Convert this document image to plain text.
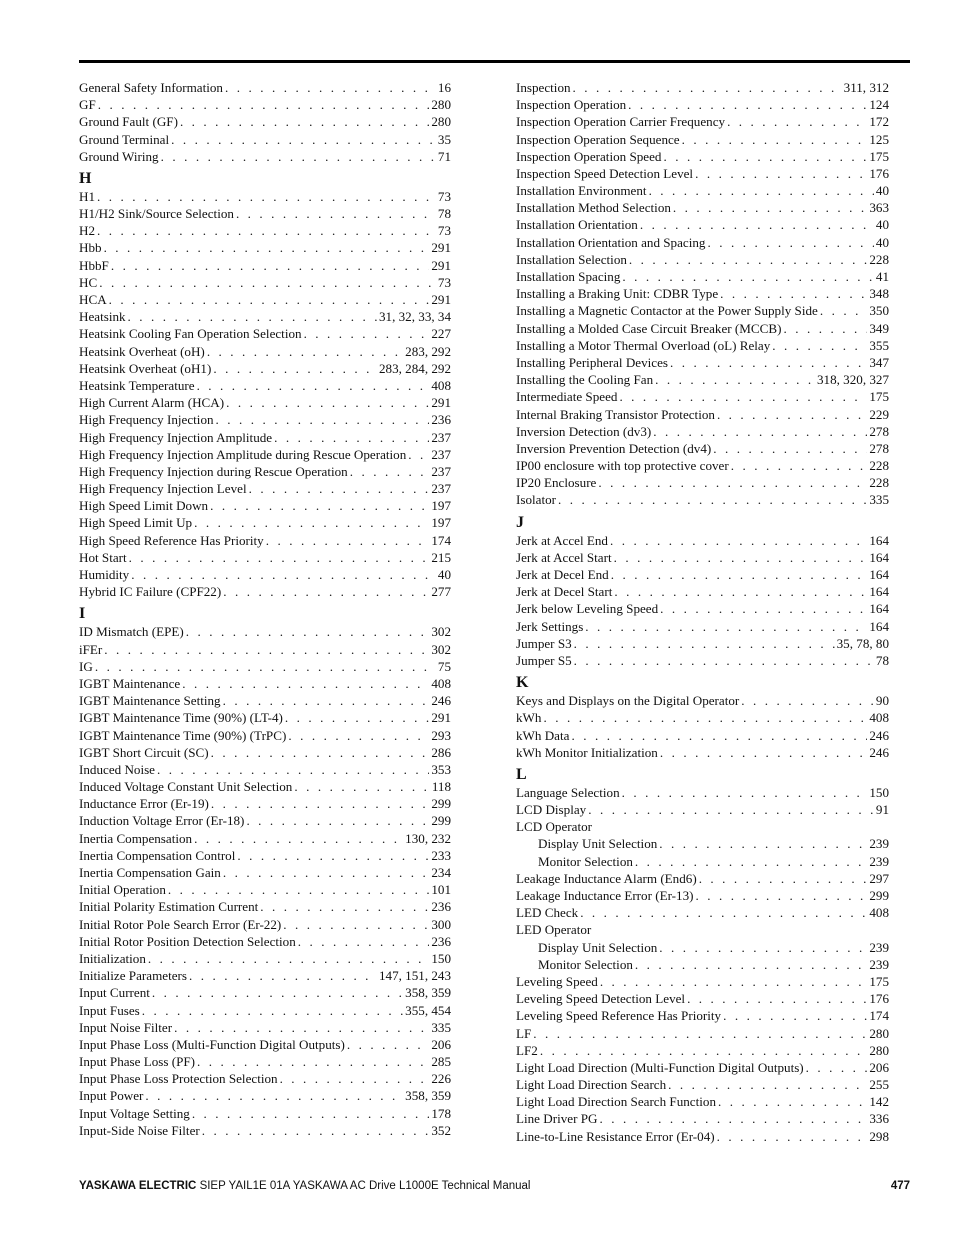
General Safety Information . . .	16
GF . . .	280
Ground Fault (GF) . . .	280
Ground Terminal . . .	35
Ground Wiring . . .	71
H
H1 . . .	73
H1/H2 Sink/Source Selection . . .	78
H2 . . .	73
Hbb . . .	291
HbbF . . .	291
HC . . .	73
HCA . . .	291
Heatsink . . .	31, 32, 33, 34
Heatsink Cooling Fan Operation Selection . . .	227
Heatsink Overheat (oH) . . .	283, 292
Heatsink Overheat (oH1) . . .	283, 284, 292
Heatsink Temperature . . .	408
High Current Alarm (HCA) . . .	291
High Frequency Injection . . .	236
High Frequency Injection Amplitude . . .	237
High Frequency Injection Amplitude during Rescue Operation . . . 237
High Frequency Injection during Rescue Operation . . .	237
High Frequency Injection Level . . .	237
High Speed Limit Down . . .	197
High Speed Limit Up . . .	197
High Speed Reference Has Priority . . .	174
Hot Start . . .	215
Humidity . . .	40
Hybrid IC Failure (CPF22) . . .	277
I
ID Mismatch (EPE) . . .	302
iFEr . . .	302
IG . . .	75
IGBT Maintenance . . .	408
IGBT Maintenance Setting . . .	246
IGBT Maintenance Time (90%) (LT-4) . . .	291
IGBT Maintenance Time (90%) (TrPC) . . .	293
IGBT Short Circuit (SC) . . .	286
Induced Noise . . .	353
Induced Voltage Constant Unit Selection . . .	118
Inductance Error (Er-19) . . .	299
Induction Voltage Error (Er-18) . . .	299
Inertia Compensation . . .	130, 232
Inertia Compensation Control . . .	233
Inertia Compensation Gain . . .	234
Initial Operation . . .	101
Initial Polarity Estimation Current . . .	236
Initial Rotor Pole Search Error (Er-22) . . .	300
Initial Rotor Position Detection Selection . . .	236
Initialization . . .	150
Initialize Parameters . . .	147, 151, 243
Input Current . . .	358, 359
Input Fuses . . .	355, 454
Input Noise Filter . . .	335
Input Phase Loss (Multi-Function Digital Outputs) . . .	206
Input Phase Loss (PF) . . .	285
Input Phase Loss Protection Selection . . .	226
Input Power . . .	358, 359
Input Voltage Setting . . .	178
Input-Side Noise Filter . . .	352
Inspection . . .	311, 312
Inspection Operation . . .	124
Inspection Operation Carrier Frequency . . .	172
Inspection Operation Sequence . . .	125
Inspection Operation Speed . . .	175
Inspection Speed Detection Level . . .	176
Installation Environment . . .	40
Installation Method Selection . . .	363
Installation Orientation . . .	40
Installation Orientation and Spacing . . .	40
Installation Selection . . .	228
Installation Spacing . . .	41
Installing a Braking Unit: CDBR Type . . .	348
Installing a Magnetic Contactor at the Power Supply Side . . .	350
Installing a Molded Case Circuit Breaker (MCCB) . . .	349
Installing a Motor Thermal Overload (oL) Relay . . .	355
Installing Peripheral Devices . . .	347
Installing the Cooling Fan . . .	318, 320, 327
Intermediate Speed . . .	175
Internal Braking Transistor Protection . . .	229
Inversion Detection (dv3) . . .	278
Inversion Prevention Detection (dv4) . . .	278
IP00 enclosure with top protective cover . . .	228
IP20 Enclosure . . .	228
Isolator . . .	335
J
Jerk at Accel End . . .	164
Jerk at Accel Start . . .	164
Jerk at Decel End . . .	164
Jerk at Decel Start . . .	164
Jerk below Leveling Speed . . .	164
Jerk Settings . . .	164
Jumper S3 . . .	35, 78, 80
Jumper S5 . . .	78
K
Keys and Displays on the Digital Operator . . .	90
kWh . . .	408
kWh Data . . .	246
kWh Monitor Initialization . . .	246
L
Language Selection . . .	150
LCD Display . . .	91
LCD Operator
Display Unit Selection . . .	239
Monitor Selection . . .	239
Leakage Inductance Alarm (End6) . . .	297
Leakage Inductance Error (Er-13) . . .	299
LED Check . . .	408
LED Operator
Display Unit Selection . . .	239
Monitor Selection . . .	239
Leveling Speed . . .	175
Leveling Speed Detection Level . . .	176
Leveling Speed Reference Has Priority . . .	174
LF . . .	280
LF2 . . .	280
Light Load Direction (Multi-Function Digital Outputs) . . .	206
Light Load Direction Search . . .	255
Light Load Direction Search Function . . .	142
Line Driver PG . . .	336
Line-to-Line Resistance Error (Er-04) . . .	298
YASKAWA ELECTRIC SIEP YAIL1E 01A YASKAWA AC Drive L1000E Technical Manual	477
